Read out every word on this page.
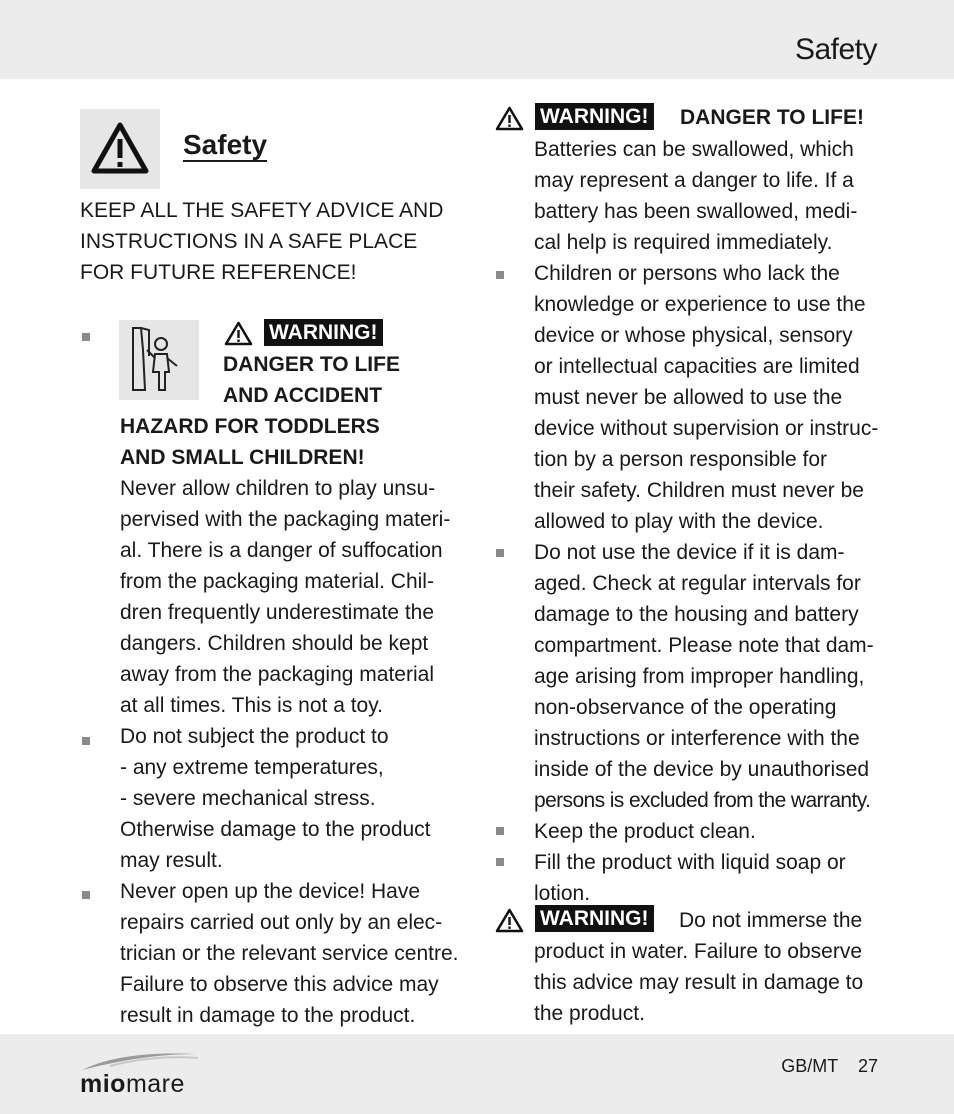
Safety
Safety
KEEP ALL THE SAFETY ADVICE AND
INSTRUCTIONS IN A SAFE PLACE
FOR FUTURE REFERENCE!
WARNING!
DANGER TO LIFE
AND ACCIDENT
HAZARD FOR TODDLERS
AND SMALL CHILDREN!
Never allow children to play unsu-
pervised with the packaging materi-
al. There is a danger of suffocation
from the packaging material. Chil-
dren frequently underestimate the
dangers. Children should be kept
away from the packaging material
at all times. This is not a toy.
Do not subject the product to
- any extreme temperatures,
- severe mechanical stress.
Otherwise damage to the product
may result.
Never open up the device! Have
repairs carried out only by an elec-
trician or the relevant service centre.
Failure to observe this advice may
result in damage to the product.
WARNING! DANGER TO LIFE!
Batteries can be swallowed, which
may represent a danger to life. If a
battery has been swallowed, medi-
cal help is required immediately.
Children or persons who lack the
knowledge or experience to use the
device or whose physical, sensory
or intellectual capacities are limited
must never be allowed to use the
device without supervision or instruc-
tion by a person responsible for
their safety. Children must never be
allowed to play with the device.
Do not use the device if it is dam-
aged. Check at regular intervals for
damage to the housing and battery
compartment. Please note that dam-
age arising from improper handling,
non-observance of the operating
instructions or interference with the
inside of the device by unauthorised
persons is excluded from the warranty.
Keep the product clean.
Fill the product with liquid soap or
lotion.
WARNING! Do not immerse the
product in water. Failure to observe
this advice may result in damage to
the product.
miomare
GB/MT    27
